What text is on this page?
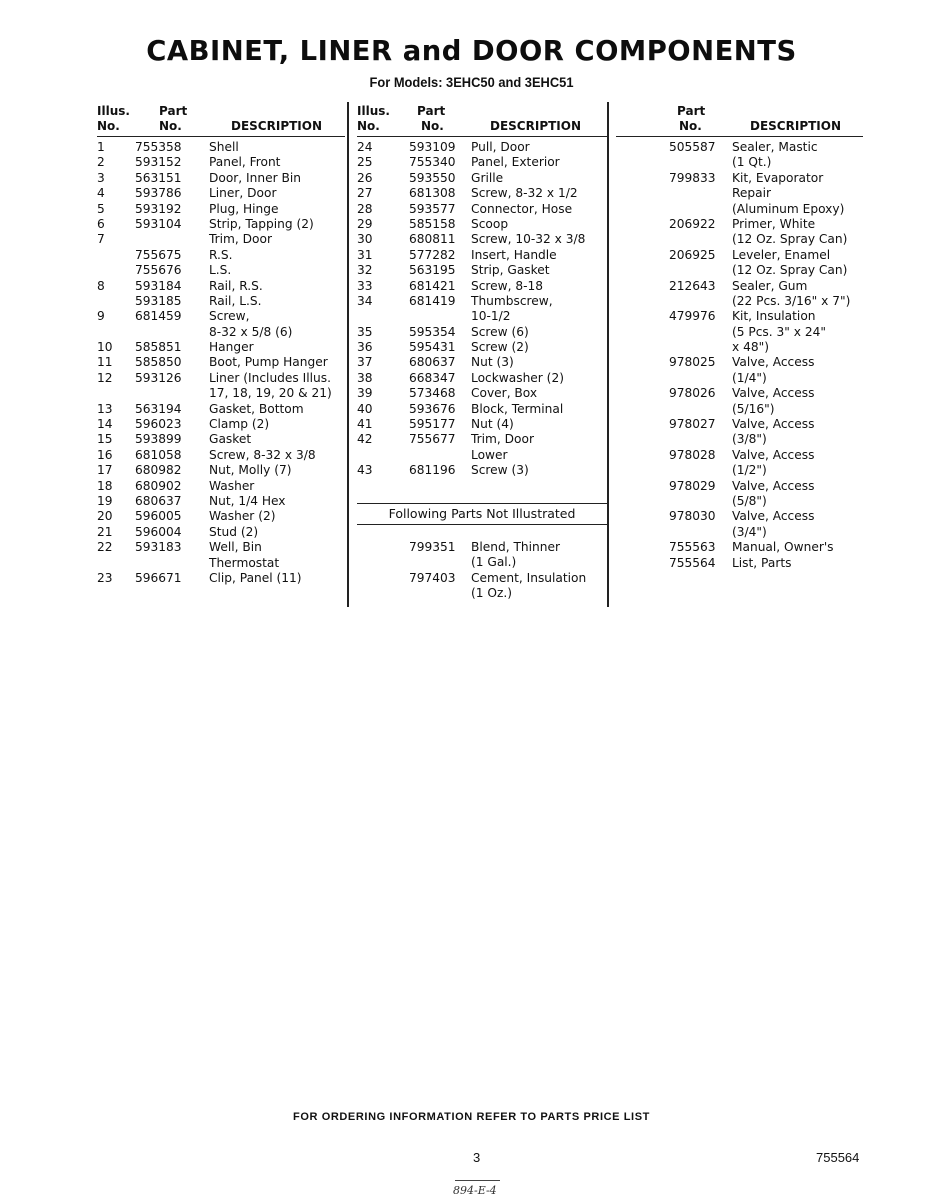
CABINET, LINER and DOOR COMPONENTS
For Models: 3EHC50 and 3EHC51
Illus.
No.
Part
No.	DESCRIPTION
1 755358 Shell
2 593152 Panel, Front
3 563151 Door, Inner Bin
4 593786 Liner, Door
5 593192 Plug, Hinge
6 593104 Strip, Tapping (2)
7	Trim, Door
755675 R.S.
755676 L.S.
8 593184 Rail, R.S.
593185 Rail, L.S.
9 681459 Screw,
8-32 x 5/8 (6)
10 585851 Hanger
11 585850 Boot, Pump Hanger
12 593126 Liner (Includes Illus.
17, 18, 19, 20 & 21)
13 563194 Gasket, Bottom
14 596023 Clamp (2)
15 593899 Gasket
16 681058 Screw, 8-32 x 3/8
17 680982 Nut, Molly (7)
18 680902 Washer
19 680637 Nut, 1/4 Hex
20 596005 Washer (2)
21 596004 Stud (2)
22 593183 Well, Bin
Thermostat
23 596671 Clip, Panel (11)
Illus.
No.
Part
No.	DESCRIPTION
24	593109 Pull, Door
25	755340 Panel, Exterior
26	593550 Grille
27	681308 Screw, 8-32 x 1/2
28	593577 Connector, Hose
29	585158 Scoop
30	680811 Screw, 10-32 x 3/8
31	577282 Insert, Handle
32	563195 Strip, Gasket
33	681421 Screw, 8-18
34	681419 Thumbscrew,
10-1/2
35	595354 Screw (6)
36	595431 Screw (2)
37	680637 Nut (3)
38	668347 Lockwasher (2)
39	573468 Cover, Box
40	593676 Block, Terminal
41	595177 Nut (4)
42	755677 Trim, Door
Lower
43	681196 Screw (3)
Following Parts Not Illustrated
799351 Blend, Thinner
(1 Gal.)
797403 Cement, Insulation
(1 Oz.)
Part
No.	DESCRIPTION
505587 Sealer, Mastic
(1 Qt.)
799833 Kit, Evaporator
Repair
(Aluminum Epoxy)
206922 Primer, White
(12 Oz. Spray Can)
206925 Leveler, Enamel
(12 Oz. Spray Can)
212643 Sealer, Gum
(22 Pcs. 3/16" x 7")
479976 Kit, Insulation
(5 Pcs. 3" x 24"
x 48")
978025 Valve, Access
(1/4")
978026 Valve, Access
(5/16")
978027 Valve, Access
(3/8")
978028 Valve, Access
(1/2")
978029 Valve, Access
(5/8")
978030 Valve, Access
(3/4")
755563 Manual, Owner's
755564 List, Parts
FOR ORDERING INFORMATION REFER TO PARTS PRICE LIST
3	755564
894-E-4
